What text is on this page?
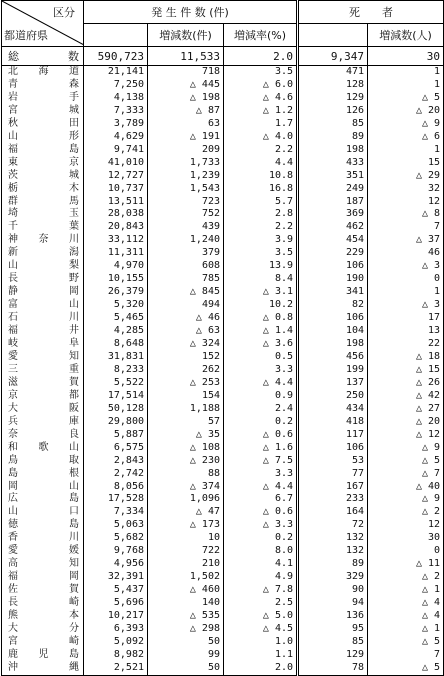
区分
都道府県	発 生 件 数 (件)			死　　者	
		増減数(件)	増減率(%)		増減数(人)
総　　数	590,723	11,533	2.0	9,347	30
北海道	21,141	718	3.5	471	1
青森	7,250	△ 445	△ 6.0	128	1
岩手	4,138	△ 198	△ 4.6	129	△ 5
宮城	7,333	△ 87	△ 1.2	126	△ 20
秋田	3,789	63	1.7	85	△ 9
山形	4,629	△ 191	△ 4.0	89	△ 6
福島	9,741	209	2.2	198	1
東京	41,010	1,733	4.4	433	15
茨城	12,727	1,239	10.8	351	△ 29
栃木	10,737	1,543	16.8	249	32
群馬	13,511	723	5.7	187	12
埼玉	28,038	752	2.8	369	△ 8
千葉	20,843	439	2.2	462	7
神奈川	33,112	1,240	3.9	454	△ 37
新潟	11,311	379	3.5	229	46
山梨	4,970	608	13.9	106	△ 3
長野	10,155	785	8.4	190	0
静岡	26,379	△ 845	△ 3.1	341	1
富山	5,320	494	10.2	82	△ 3
石川	5,465	△ 46	△ 0.8	106	17
福井	4,285	△ 63	△ 1.4	104	13
岐阜	8,648	△ 324	△ 3.6	198	22
愛知	31,831	152	0.5	456	△ 18
三重	8,233	262	3.3	199	△ 15
滋賀	5,522	△ 253	△ 4.4	137	△ 26
京都	17,514	154	0.9	250	△ 42
大阪	50,128	1,188	2.4	434	△ 27
兵庫	29,800	57	0.2	418	△ 20
奈良	5,887	△ 35	△ 0.6	117	△ 12
和歌山	6,575	△ 108	△ 1.6	106	△ 9
鳥取	2,843	△ 230	△ 7.5	53	△ 5
島根	2,742	88	3.3	77	△ 7
岡山	8,056	△ 374	△ 4.4	167	△ 40
広島	17,528	1,096	6.7	233	△ 9
山口	7,334	△ 47	△ 0.6	164	△ 2
徳島	5,063	△ 173	△ 3.3	72	12
香川	5,682	10	0.2	132	30
愛媛	9,768	722	8.0	132	0
高知	4,956	210	4.1	89	△ 11
福岡	32,391	1,502	4.9	329	△ 2
佐賀	5,437	△ 460	△ 7.8	90	△ 1
長崎	5,696	140	2.5	94	△ 4
熊本	10,217	△ 535	△ 5.0	136	△ 4
大分	6,393	△ 298	△ 4.5	95	△ 1
宮崎	5,092	50	1.0	85	△ 5
鹿児島	8,982	99	1.1	129	7
沖縄	2,521	50	2.0	78	△ 5
